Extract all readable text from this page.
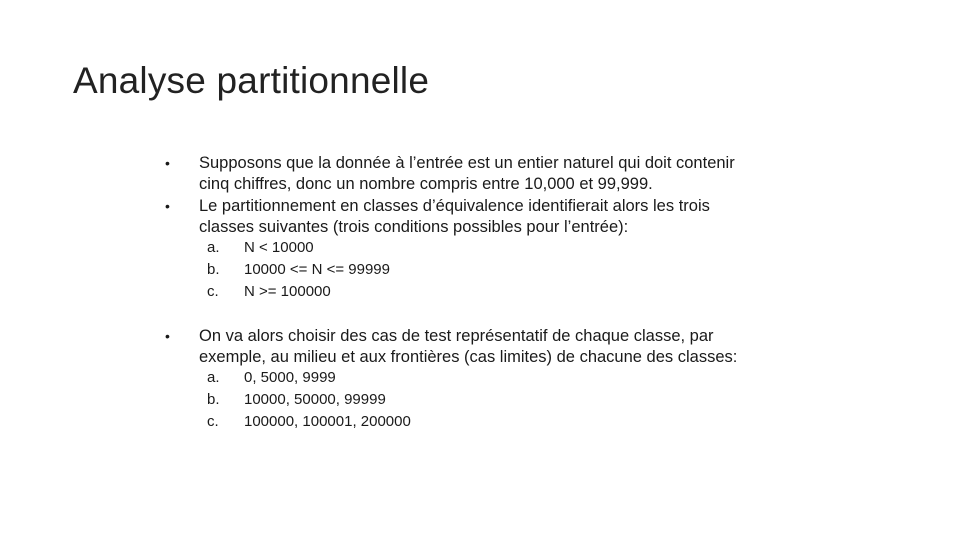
Analyse partitionnelle
• Supposons que la donnée à l’entrée est un entier naturel qui doit contenir
cinq chiffres, donc un nombre compris entre 10,000 et 99,999.
• Le partitionnement en classes d’équivalence identifierait alors les trois
classes suivantes (trois conditions possibles pour l’entrée):
a.	N < 10000
b.	10000 <= N <= 99999
c.	N >= 100000
• On va alors choisir des cas de test représentatif de chaque classe, par
exemple, au milieu et aux frontières (cas limites) de chacune des classes:
a.	0, 5000, 9999
b.	10000, 50000, 99999
c.	100000, 100001, 200000
